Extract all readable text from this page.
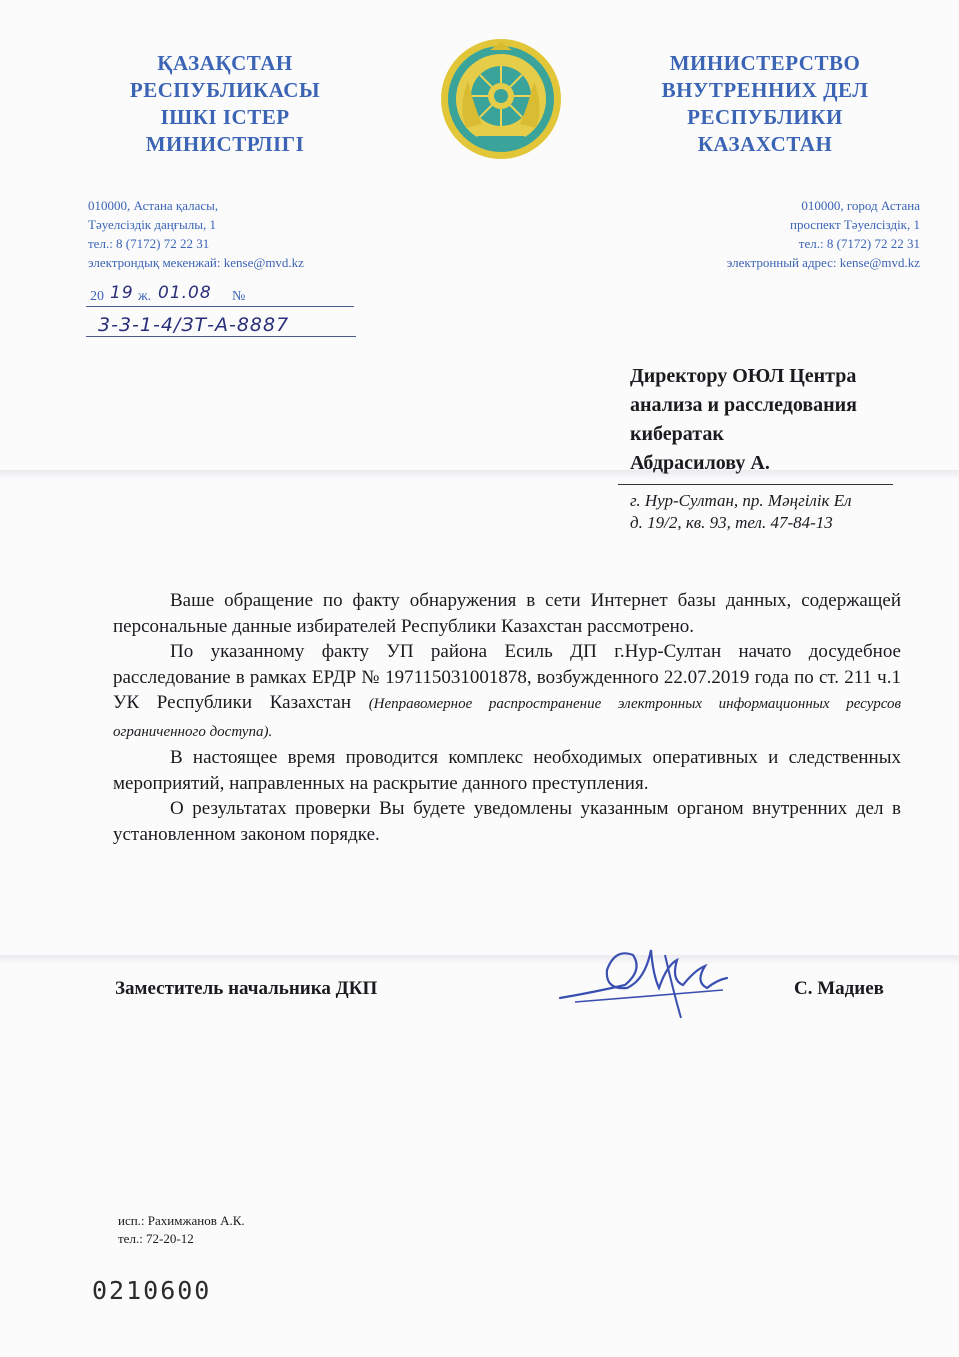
ҚАЗАҚСТАН
РЕСПУБЛИКАСЫ
ІШКІ ІСТЕР
МИНИСТРЛІГІ
МИНИСТЕРСТВО
ВНУТРЕННИХ ДЕЛ
РЕСПУБЛИКИ
КАЗАХСТАН
010000, Астана қаласы,
Тәуелсіздік даңғылы, 1
тел.: 8 (7172) 72 22 31
электрондық мекенжай: kense@mvd.kz
010000, город Астана
проспект Тәуелсіздік, 1
тел.: 8 (7172) 72 22 31
электронный адрес: kense@mvd.kz
20 19 ж. 01.08 №
3-3-1-4/ЗТ-А-8887
Директору ОЮЛ Центра
анализа и расследования
кибератак
Абдрасилову А.
г. Нур-Султан, пр. Мәңгілік Ел
д. 19/2, кв. 93, тел. 47-84-13

Ваше обращение по факту обнаружения в сети Интернет базы данных, содержащей персональные данные избирателей Республики Казахстан рассмотрено.

По указанному факту УП района Есиль ДП г.Нур-Султан начато досудебное расследование в рамках ЕРДР № 197115031001878, возбужденного 22.07.2019 года по ст. 211 ч.1 УК Республики Казахстан (Неправомерное распространение электронных информационных ресурсов ограниченного доступа).

В настоящее время проводится комплекс необходимых оперативных и следственных мероприятий, направленных на раскрытие данного преступления.

О результатах проверки Вы будете уведомлены указанным органом внутренних дел в установленном законом порядке.

Заместитель начальника ДКП	С. Мадиев
исп.: Рахимжанов А.К.
тел.: 72-20-12
0210600
